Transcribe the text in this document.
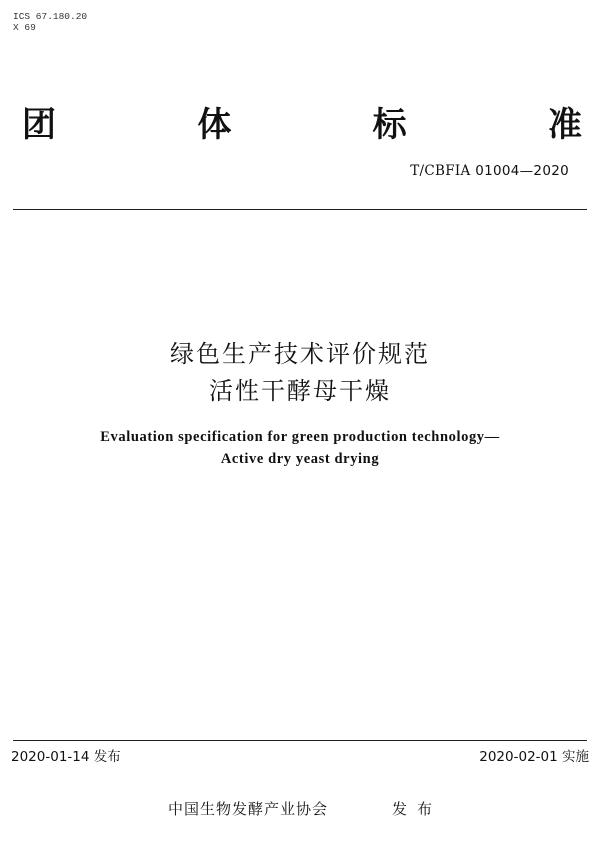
ICS 67.180.20
X 69
团	体	标	准
T/CBFIA 01004—2020
绿色生产技术评价规范
活性干酵母干燥
Evaluation specification for green production technology—
Active dry yeast drying
2020-01-14 发布	2020-02-01 实施
中国生物发酵产业协会	发布
